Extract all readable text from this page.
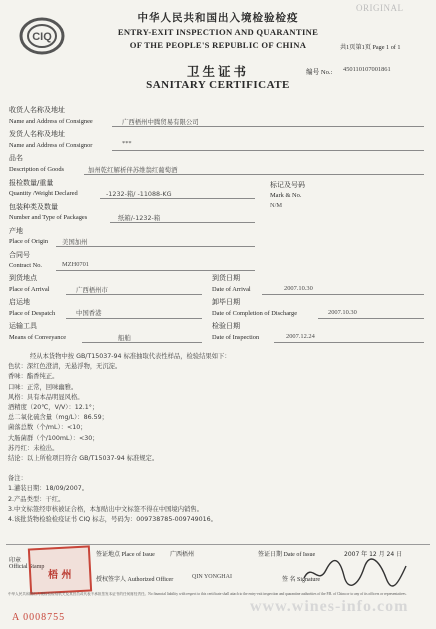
CIQ
ORIGINAL
共1页第1页 Page 1 of 1
中华人民共和国出入境检验检疫
ENTRY-EXIT INSPECTION AND QUARANTINE
OF THE PEOPLE'S REPUBLIC OF CHINA
卫生证书
SANITARY CERTIFICATE
编号 No.: 450110107001861
收货人名称及地址
Name and Address of Consignee	广西梧州中腾贸易有限公司
发货人名称及地址
Name and Address of Consignor	***
品名
Description of Goods	加州乾红解析伴苏维翁红葡萄酒
报检数量/重量
Quantity /Weight Declared	-1232-箱/ -11088-KG
标记及号码
Mark & No.
N/M
包装种类及数量
Number and Type of Packages	纸箱/-1232-箱
产地
Place of Origin 美国加州
合同号
Contract No.	MZH0701
到货地点
Place of Arrival	广西梧州市
到货日期
Date of Arrival	2007.10.30
启运地
Place of Despatch	中国香港
卸毕日期
Date of Completion of Discharge	2007.10.30
运输工具
Means of Conveyance	船舶
检验日期
Date of Inspection	2007.12.24
经从本货物中按 GB/T15037-94 标准抽取代表性样品，检验结果如下：
色状：深红色澄清，无悬浮物，无沉淀。
香味：酯香纯正。
口味：正常，回味幽雅。
风格：具有本品明显风格。
酒精度（20℃，V/V）：12.1°；
总二氧化硫含量（mg/L）：86.59；
菌落总数（个/mL）：<10；
大肠菌群（个/100mL）：<30；
苏丹红：未检出。
结论：以上所检项目符合 GB/T15037-94 标准规定。
备注：
1.灌装日期：18/09/2007。
2.产品类型：干红。
3.中文标签经审核被证合格，本加贴出中文标签不得在中国境内销售。
4.该批货物检验检疫证书 CIQ 标志，号码为：009738785-009749016。
印章
Official Stamp
梧 州
签证地点 Place of Issue	广西梧州	签证日期 Date of Issue	2007 年 12 月 24 日
授权签字人 Authorized Officer	QIN YONGHAI	签 名 Signature
中华人民共和国出入境检验检疫机关及其官员或代表不承担签发本证书的任何财经责任。No financial liability with respect to this certificate shall attach to the entry-exit inspection and quarantine authorities of the P.R. of China or to any of its officers or representatives.
A 0008755
www.wines-info.com
